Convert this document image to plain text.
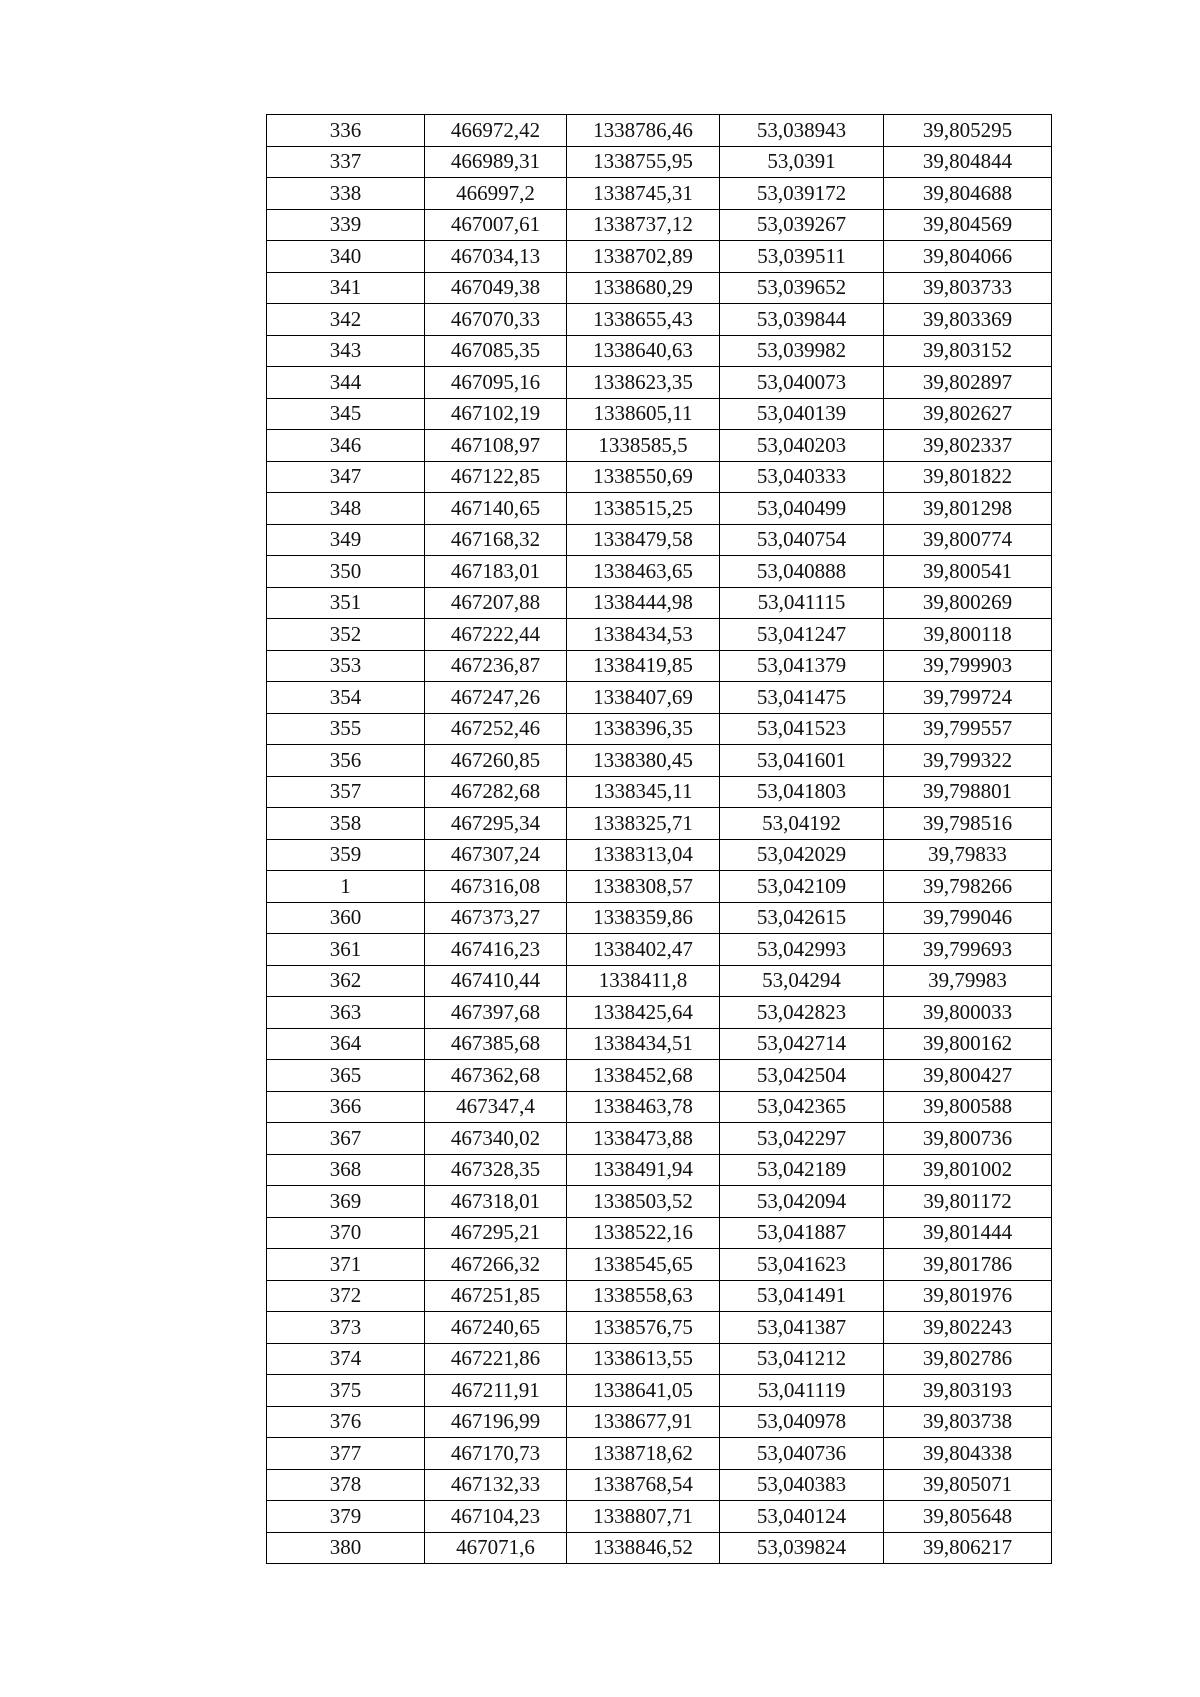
336	466972,42	1338786,46	53,038943	39,805295
337	466989,31	1338755,95	53,0391	39,804844
338	466997,2	1338745,31	53,039172	39,804688
339	467007,61	1338737,12	53,039267	39,804569
340	467034,13	1338702,89	53,039511	39,804066
341	467049,38	1338680,29	53,039652	39,803733
342	467070,33	1338655,43	53,039844	39,803369
343	467085,35	1338640,63	53,039982	39,803152
344	467095,16	1338623,35	53,040073	39,802897
345	467102,19	1338605,11	53,040139	39,802627
346	467108,97	1338585,5	53,040203	39,802337
347	467122,85	1338550,69	53,040333	39,801822
348	467140,65	1338515,25	53,040499	39,801298
349	467168,32	1338479,58	53,040754	39,800774
350	467183,01	1338463,65	53,040888	39,800541
351	467207,88	1338444,98	53,041115	39,800269
352	467222,44	1338434,53	53,041247	39,800118
353	467236,87	1338419,85	53,041379	39,799903
354	467247,26	1338407,69	53,041475	39,799724
355	467252,46	1338396,35	53,041523	39,799557
356	467260,85	1338380,45	53,041601	39,799322
357	467282,68	1338345,11	53,041803	39,798801
358	467295,34	1338325,71	53,04192	39,798516
359	467307,24	1338313,04	53,042029	39,79833
1	467316,08	1338308,57	53,042109	39,798266
360	467373,27	1338359,86	53,042615	39,799046
361	467416,23	1338402,47	53,042993	39,799693
362	467410,44	1338411,8	53,04294	39,79983
363	467397,68	1338425,64	53,042823	39,800033
364	467385,68	1338434,51	53,042714	39,800162
365	467362,68	1338452,68	53,042504	39,800427
366	467347,4	1338463,78	53,042365	39,800588
367	467340,02	1338473,88	53,042297	39,800736
368	467328,35	1338491,94	53,042189	39,801002
369	467318,01	1338503,52	53,042094	39,801172
370	467295,21	1338522,16	53,041887	39,801444
371	467266,32	1338545,65	53,041623	39,801786
372	467251,85	1338558,63	53,041491	39,801976
373	467240,65	1338576,75	53,041387	39,802243
374	467221,86	1338613,55	53,041212	39,802786
375	467211,91	1338641,05	53,041119	39,803193
376	467196,99	1338677,91	53,040978	39,803738
377	467170,73	1338718,62	53,040736	39,804338
378	467132,33	1338768,54	53,040383	39,805071
379	467104,23	1338807,71	53,040124	39,805648
380	467071,6	1338846,52	53,039824	39,806217
